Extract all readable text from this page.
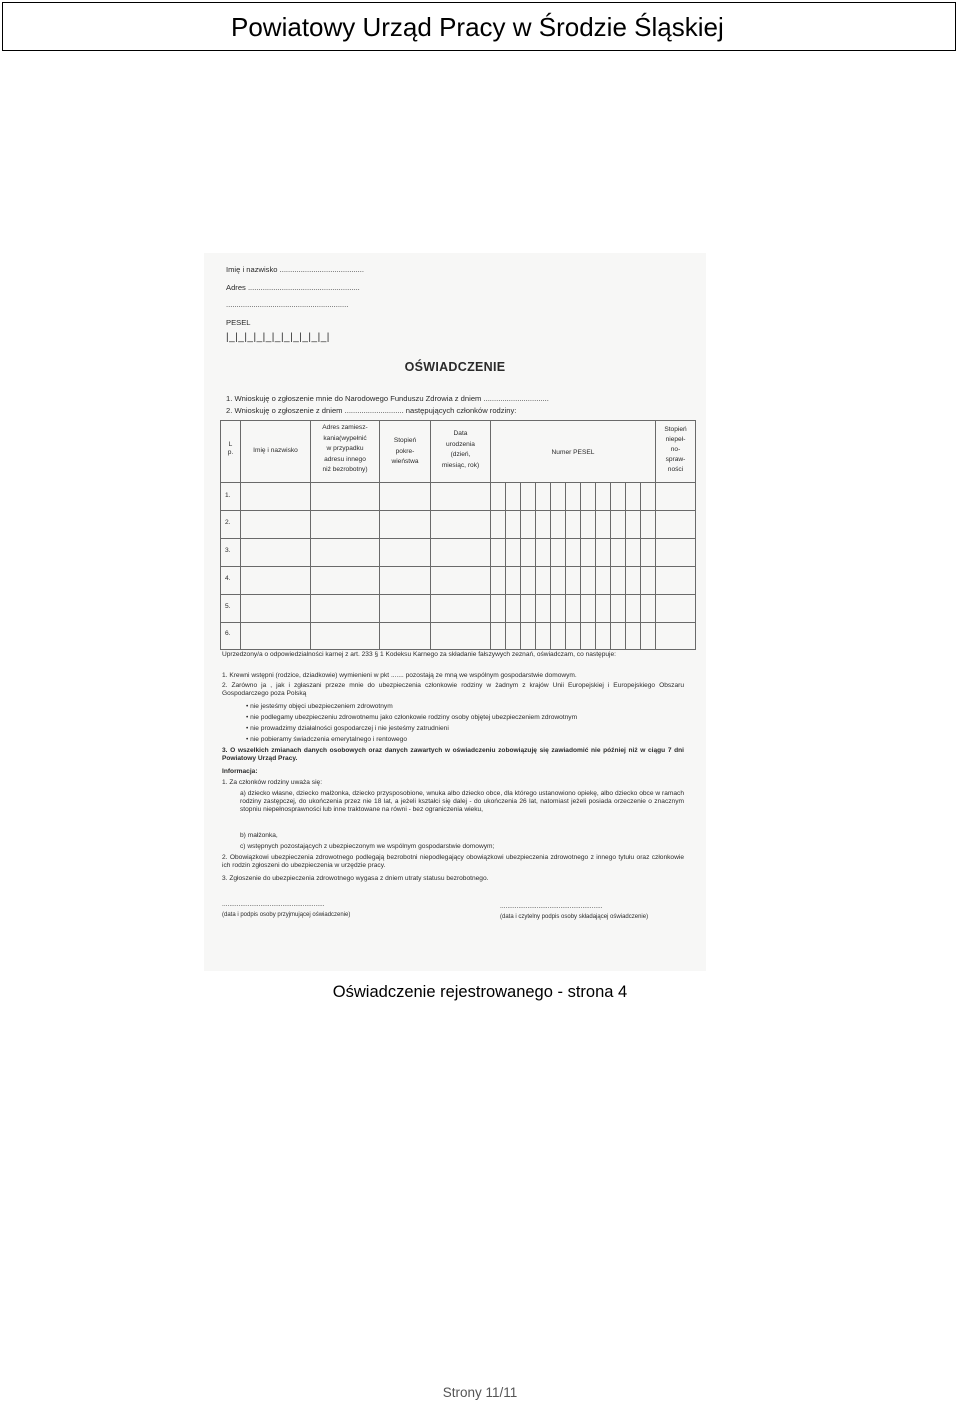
Powiatowy Urząd Pracy w Środzie Śląskiej
Imię i nazwisko ........................................
Adres .....................................................
..........................................................
PESEL
|_|_|_|_|_|_|_|_|_|_|_|
OŚWIADCZENIE
1. Wnioskuję o zgłoszenie mnie do Narodowego Funduszu Zdrowia z dniem ...............................
2. Wnioskuję o zgłoszenie z dniem ............................ następujących członków rodziny:
L
p.	Imię i nazwisko
Adres zamiesz-
kania(wypełnić
w przypadku
adresu innego
niż bezrobotny)
Stopień
pokre-
wieństwa
Data
urodzenia
(dzień,
miesiąc, rok)
Numer PESEL
Stopień
niepeł-
no-
spraw-
ności
1.
2.
3.
4.
5.
6.
Uprzedzony/a o odpowiedzialności karnej z art. 233 § 1 Kodeksu Karnego za składanie fałszywych zeznań, oświadczam, co następuje:
1. Krewni wstępni (rodzice, dziadkowie) wymienieni w pkt ....... pozostają ze mną we wspólnym gospodarstwie domowym.
2. Zarówno ja , jak i zgłaszani przeze mnie do ubezpieczenia członkowie rodziny w żadnym z krajów Unii Europejskiej i Europejskiego Obszaru Gospodarczego poza Polską
• nie jesteśmy objęci ubezpieczeniem zdrowotnym
• nie podlegamy ubezpieczeniu zdrowotnemu jako członkowie rodziny osoby objętej ubezpieczeniem zdrowotnym
• nie prowadzimy działalności gospodarczej i nie jesteśmy zatrudnieni
• nie pobieramy świadczenia emerytalnego i rentowego
3. O wszelkich zmianach danych osobowych oraz danych zawartych w oświadczeniu zobowiązuję się zawiadomić nie później niż w ciągu 7 dni Powiatowy Urząd Pracy.
Informacja:
1. Za członków rodziny uważa się:
a) dziecko własne, dziecko małżonka, dziecko przysposobione, wnuka albo dziecko obce, dla którego ustanowiono opiekę, albo dziecko obce w ramach rodziny zastępczej, do ukończenia przez nie 18 lat, a jeżeli kształci się dalej - do ukończenia 26 lat, natomiast jeżeli posiada orzeczenie o znacznym stopniu niepełnosprawności lub inne traktowane na równi - bez ograniczenia wieku,
b) małżonka,
c) wstępnych pozostających z ubezpieczonym we wspólnym gospodarstwie domowym;
2. Obowiązkowi ubezpieczenia zdrowotnego podlegają bezrobotni niepodlegający obowiązkowi ubezpieczenia zdrowotnego z innego tytułu oraz członkowie ich rodzin zgłoszeni do ubezpieczenia w urzędzie pracy.
3. Zgłoszenie do ubezpieczenia zdrowotnego wygasa z dniem utraty statusu bezrobotnego.
........................................................
(data i podpis osoby przyjmującej oświadczenie)
........................................................
(data i czytelny podpis osoby składającej oświadczenie)
Oświadczenie rejestrowanego - strona 4
Strony 11/11
